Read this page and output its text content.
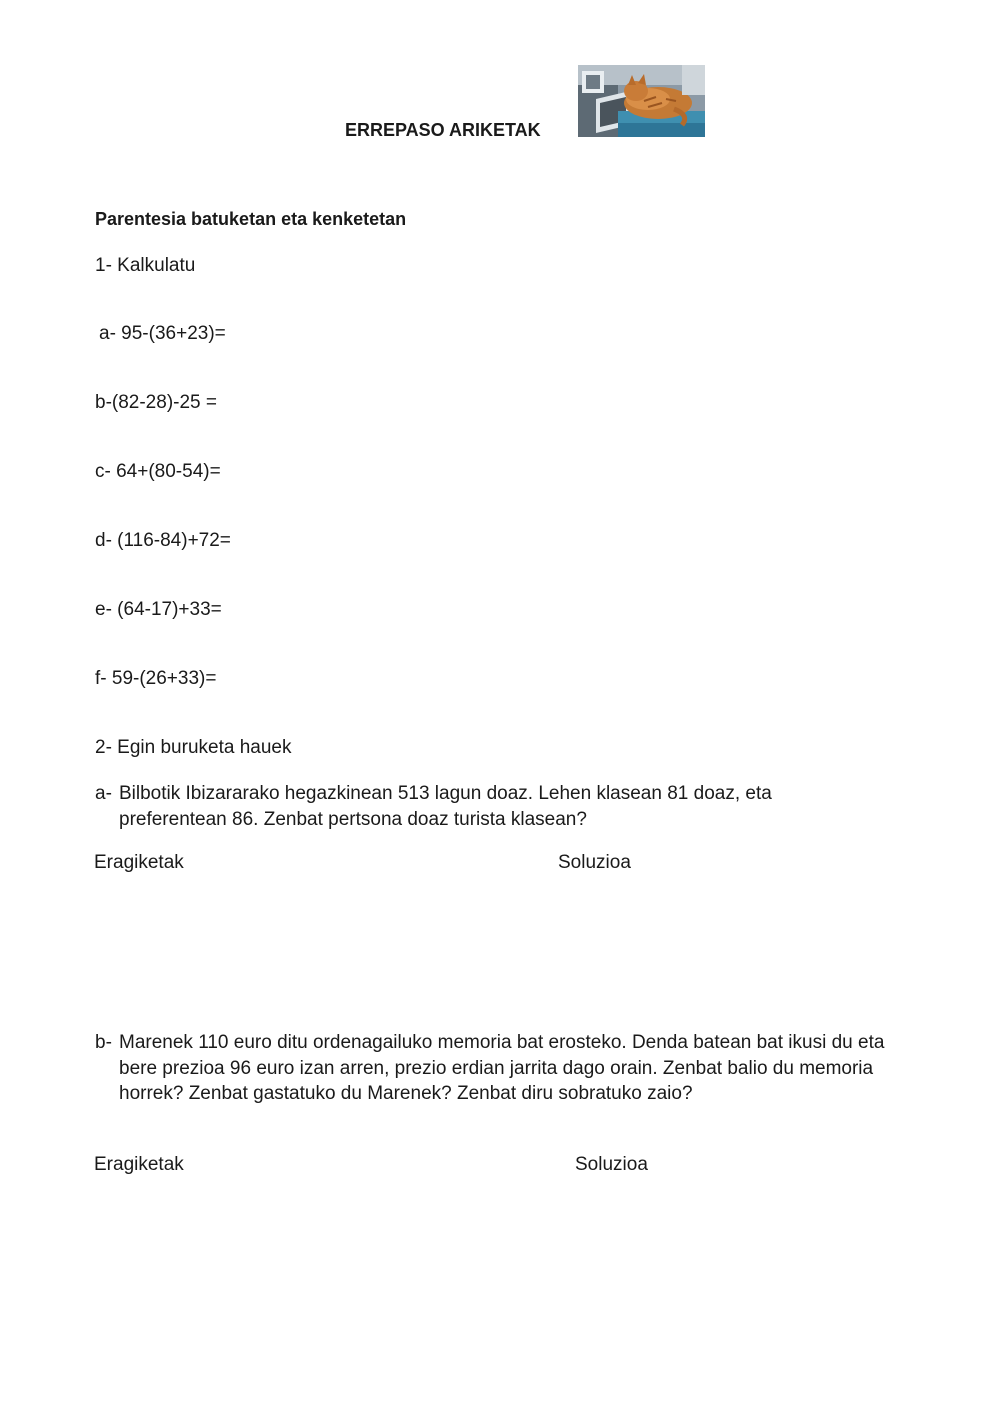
ERREPASO ARIKETAK
Parentesia batuketan eta kenketetan
1- Kalkulatu
a- 95-(36+23)=
b-(82-28)-25 =
c- 64+(80-54)=
d- (116-84)+72=
e- (64-17)+33=
f- 59-(26+33)=
2- Egin buruketa hauek
a- Bilbotik Ibizararako hegazkinean 513 lagun doaz. Lehen klasean 81 doaz, eta preferentean 86. Zenbat pertsona doaz turista klasean?
Eragiketak	Soluzioa
b- Marenek 110 euro ditu ordenagailuko memoria bat erosteko. Denda batean bat ikusi du eta bere prezioa 96 euro izan arren, prezio erdian jarrita dago orain. Zenbat balio du memoria horrek? Zenbat gastatuko du Marenek? Zenbat diru sobratuko zaio?
Eragiketak	Soluzioa
